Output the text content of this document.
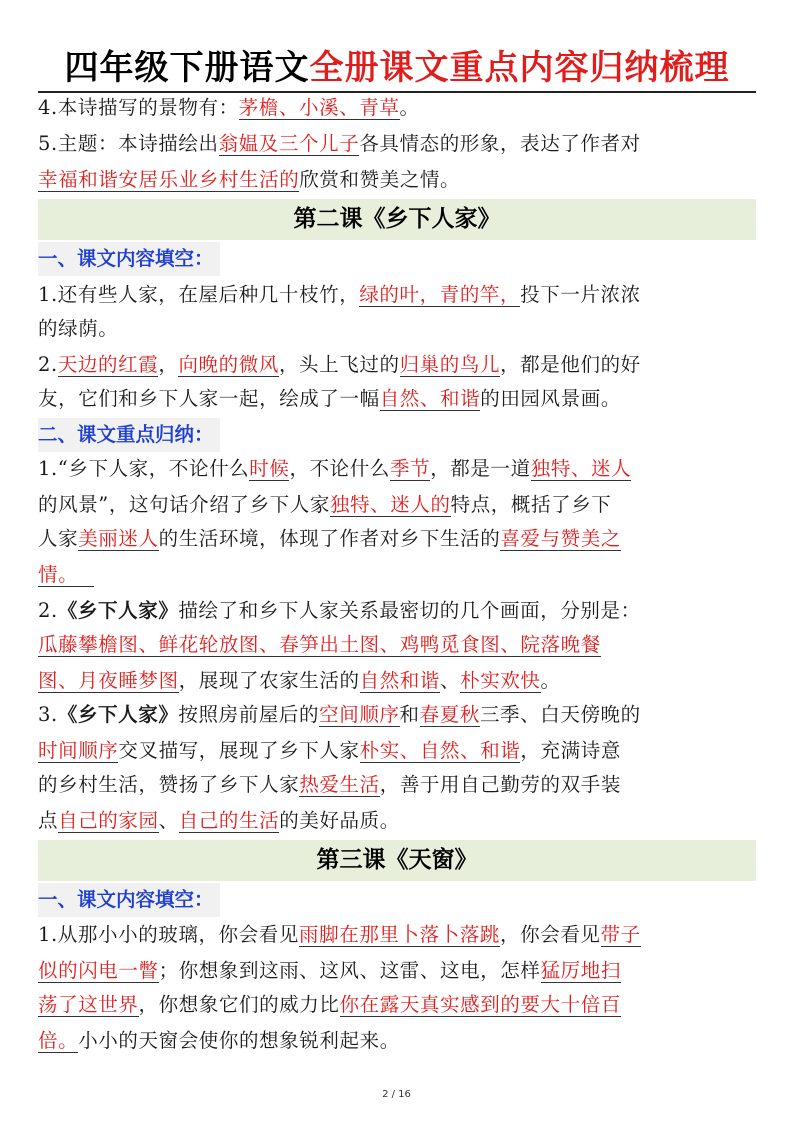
四年级下册语文全册课文重点内容归纳梳理
4.本诗描写的景物有：茅檐、小溪、青草。
5.主题：本诗描绘出翁媪及三个儿子各具情态的形象，表达了作者对
幸福和谐安居乐业乡村生活的欣赏和赞美之情。
第二课《乡下人家》
一、课文内容填空：
1.还有些人家，在屋后种几十枝竹，绿的叶，青的竿，投下一片浓浓
的绿荫。
2.天边的红霞，向晚的微风，头上飞过的归巢的鸟儿，都是他们的好
友，它们和乡下人家一起，绘成了一幅自然、和谐的田园风景画。
二、课文重点归纳：
1.“乡下人家，不论什么时候，不论什么季节，都是一道独特、迷人
的风景”，这句话介绍了乡下人家独特、迷人的特点，概括了乡下
人家美丽迷人的生活环境，体现了作者对乡下生活的喜爱与赞美之
情。
2.《乡下人家》描绘了和乡下人家关系最密切的几个画面，分别是：
瓜藤攀檐图、鲜花轮放图、春笋出土图、鸡鸭觅食图、院落晚餐
图、月夜睡梦图，展现了农家生活的自然和谐、朴实欢快。
3.《乡下人家》按照房前屋后的空间顺序和春夏秋三季、白天傍晚的
时间顺序交叉描写，展现了乡下人家朴实、自然、和谐，充满诗意
的乡村生活，赞扬了乡下人家热爱生活，善于用自己勤劳的双手装
点自己的家园、自己的生活的美好品质。
第三课《天窗》
一、课文内容填空：
1.从那小小的玻璃，你会看见雨脚在那里卜落卜落跳，你会看见带子
似的闪电一瞥；你想象到这雨、这风、这雷、这电，怎样猛厉地扫
荡了这世界，你想象它们的威力比你在露天真实感到的要大十倍百
倍。小小的天窗会使你的想象锐利起来。
2 / 16
